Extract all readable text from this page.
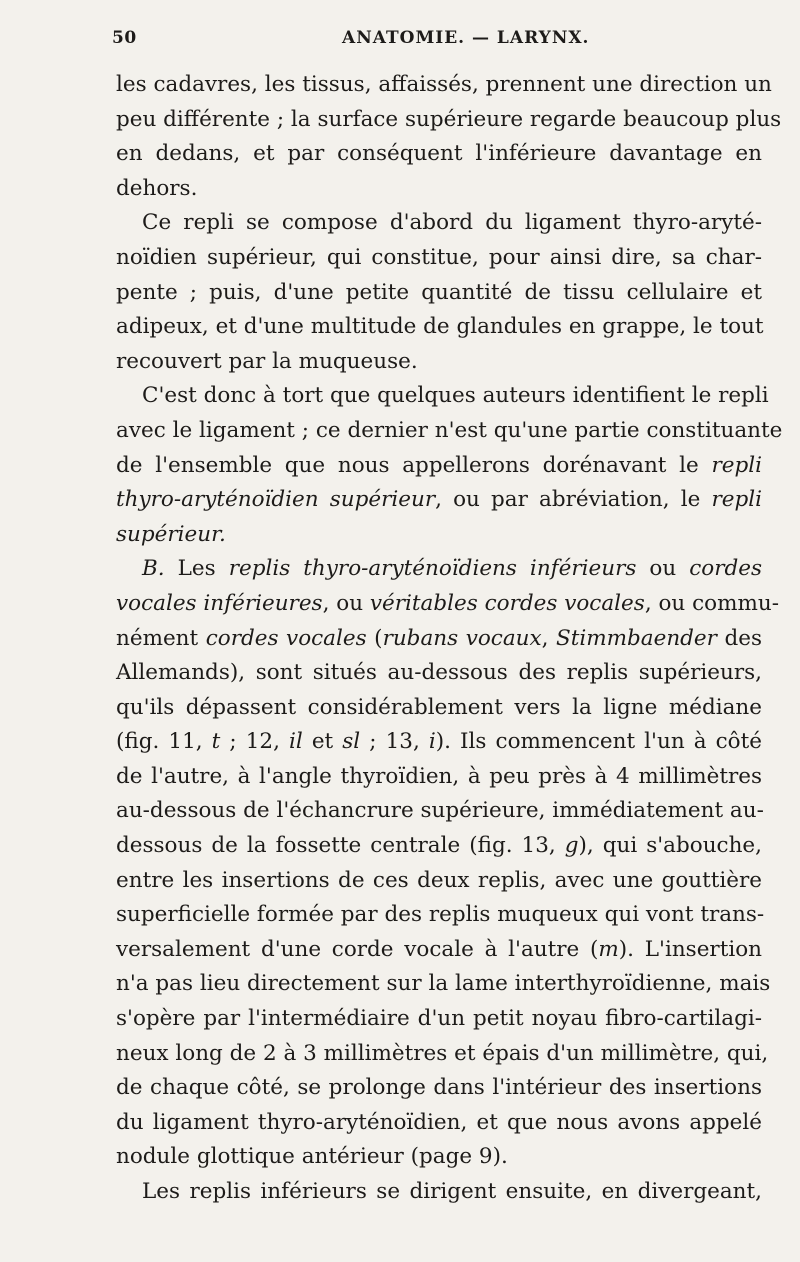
50	ANATOMIE. — LARYNX.
les cadavres, les tissus, affaissés, prennent une direction un
peu différente ; la surface supérieure regarde beaucoup plus
en dedans, et par conséquent l'inférieure davantage en
dehors.
Ce repli se compose d'abord du ligament thyro-aryté-
noïdien supérieur, qui constitue, pour ainsi dire, sa char-
pente ; puis, d'une petite quantité de tissu cellulaire et
adipeux, et d'une multitude de glandules en grappe, le tout
recouvert par la muqueuse.
C'est donc à tort que quelques auteurs identifient le repli
avec le ligament ; ce dernier n'est qu'une partie constituante
de l'ensemble que nous appellerons dorénavant le repli
thyro-aryténoïdien supérieur, ou par abréviation, le repli
supérieur.
B. Les replis thyro-aryténoïdiens inférieurs ou cordes
vocales inférieures, ou véritables cordes vocales, ou commu-
nément cordes vocales (rubans vocaux, Stimmbaender des
Allemands), sont situés au-dessous des replis supérieurs,
qu'ils dépassent considérablement vers la ligne médiane
(fig. 11, t ; 12, il et sl ; 13, i). Ils commencent l'un à côté
de l'autre, à l'angle thyroïdien, à peu près à 4 millimètres
au-dessous de l'échancrure supérieure, immédiatement au-
dessous de la fossette centrale (fig. 13, g), qui s'abouche,
entre les insertions de ces deux replis, avec une gouttière
superficielle formée par des replis muqueux qui vont trans-
versalement d'une corde vocale à l'autre (m). L'insertion
n'a pas lieu directement sur la lame interthyroïdienne, mais
s'opère par l'intermédiaire d'un petit noyau fibro-cartilagi-
neux long de 2 à 3 millimètres et épais d'un millimètre, qui,
de chaque côté, se prolonge dans l'intérieur des insertions
du ligament thyro-aryténoïdien, et que nous avons appelé
nodule glottique antérieur (page 9).
Les replis inférieurs se dirigent ensuite, en divergeant,
